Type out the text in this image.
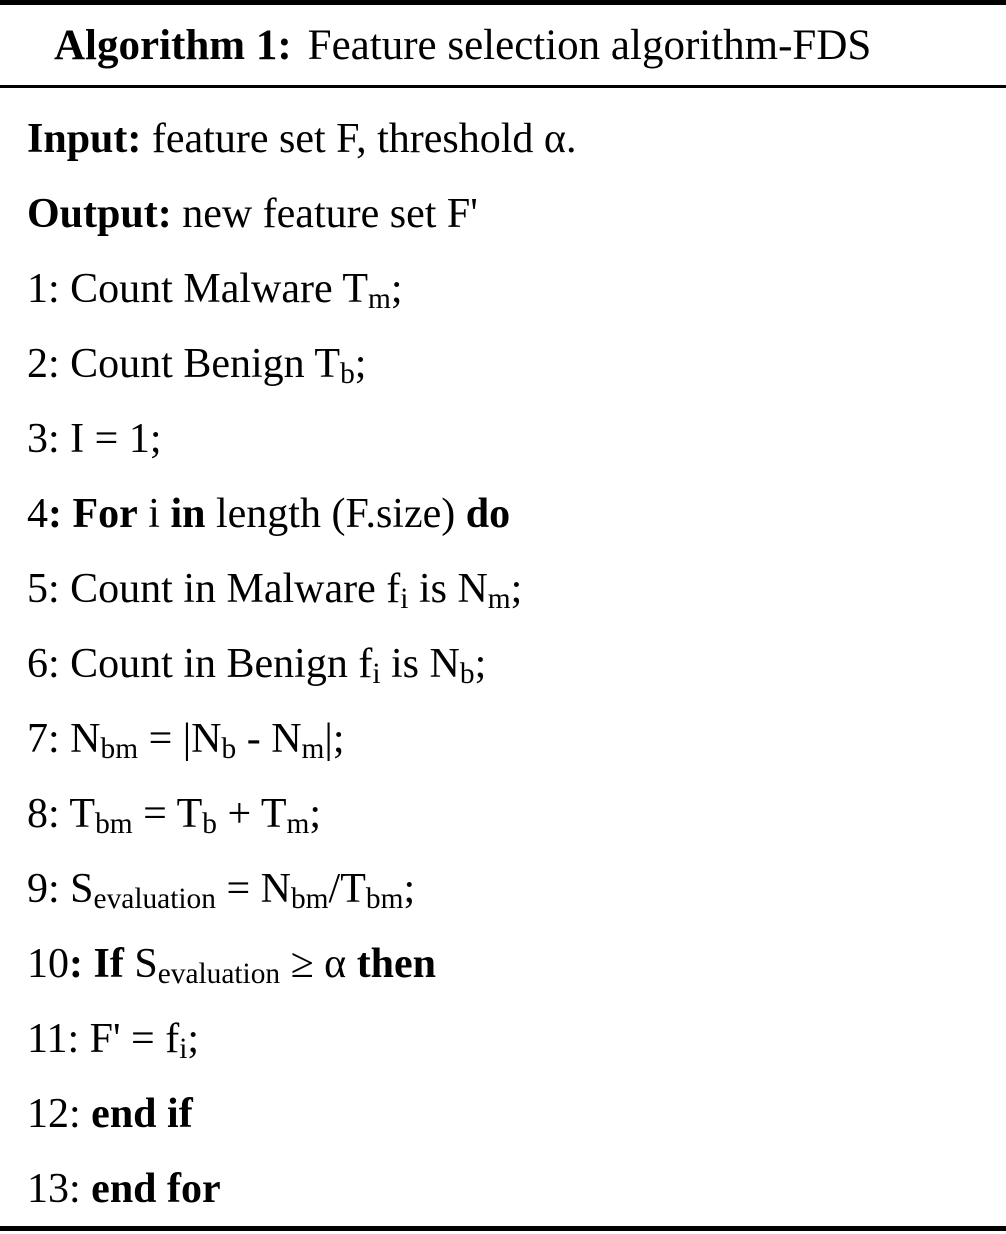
Algorithm 1: Feature selection algorithm-FDS
Input: feature set F, threshold α.
Output: new feature set F'
1: Count Malware Tm;
2: Count Benign Tb;
3: I = 1;
4: For i in length (F.size) do
5: Count in Malware fi is Nm;
6: Count in Benign fi is Nb;
7: Nbm = |Nb - Nm|;
8: Tbm = Tb + Tm;
9: Sevaluation = Nbm/Tbm;
10: If Sevaluation ≥ α then
11: F' = fi;
12: end if
13: end for
